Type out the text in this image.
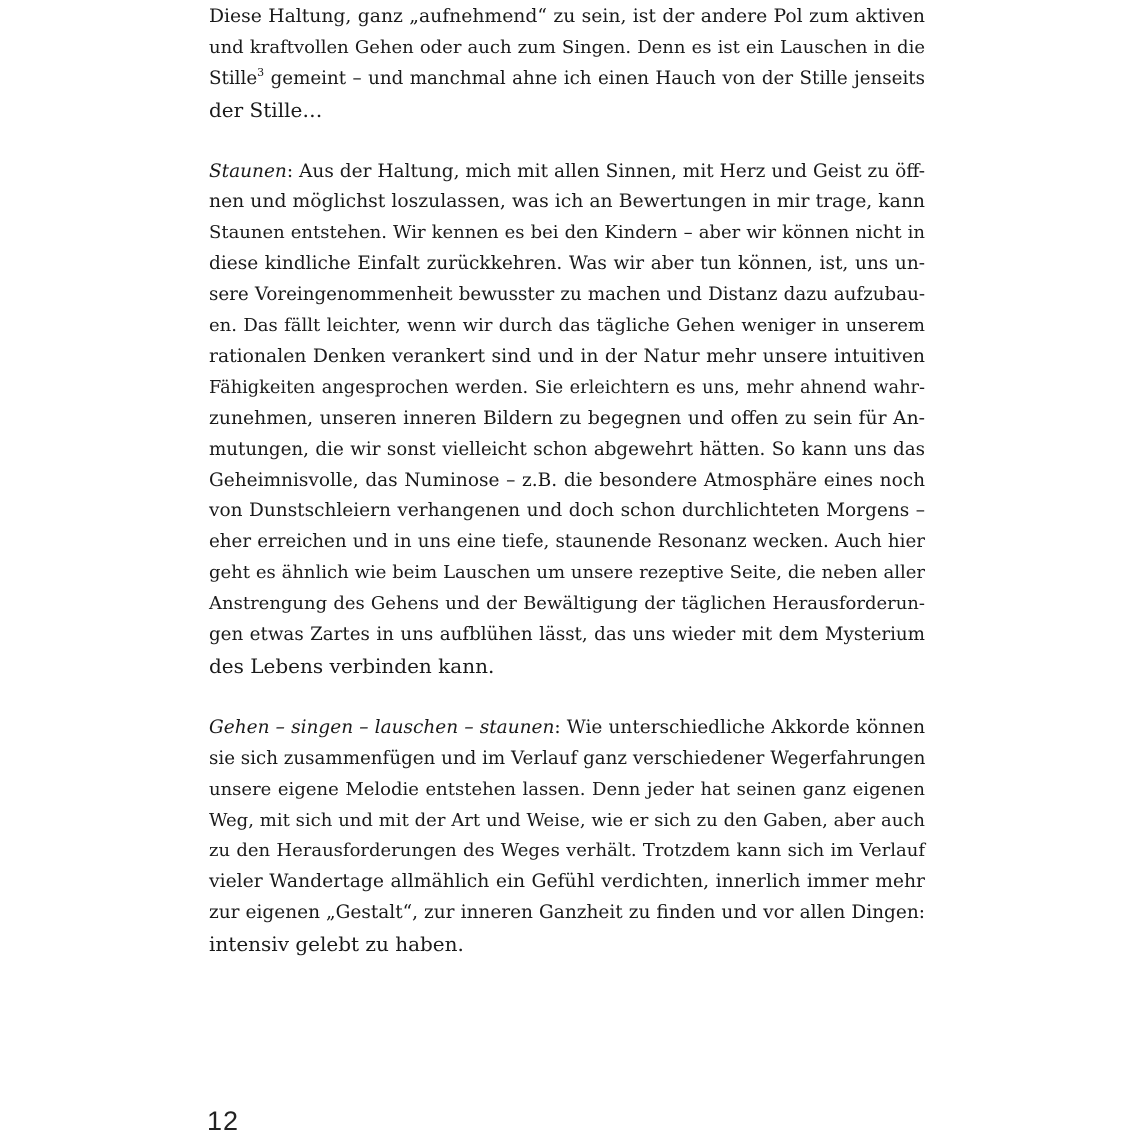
Diese Haltung, ganz „aufnehmend“ zu sein, ist der andere Pol zum aktiven
und kraftvollen Gehen oder auch zum Singen. Denn es ist ein Lauschen in die
Stille$^3$ gemeint – und manchmal ahne ich einen Hauch von der Stille jenseits
der Stille…

Staunen: Aus der Haltung, mich mit allen Sinnen, mit Herz und Geist zu öff-
nen und möglichst loszulassen, was ich an Bewertungen in mir trage, kann
Staunen entstehen. Wir kennen es bei den Kindern – aber wir können nicht in
diese kindliche Einfalt zurückkehren. Was wir aber tun können, ist, uns un-
sere Voreingenommenheit bewusster zu machen und Distanz dazu aufzubau-
en. Das fällt leichter, wenn wir durch das tägliche Gehen weniger in unserem
rationalen Denken verankert sind und in der Natur mehr unsere intuitiven
Fähigkeiten angesprochen werden. Sie erleichtern es uns, mehr ahnend wahr-
zunehmen, unseren inneren Bildern zu begegnen und offen zu sein für An-
mutungen, die wir sonst vielleicht schon abgewehrt hätten. So kann uns das
Geheimnisvolle, das Numinose – z.B. die besondere Atmosphäre eines noch
von Dunstschleiern verhangenen und doch schon durchlichteten Morgens –
eher erreichen und in uns eine tiefe, staunende Resonanz wecken. Auch hier
geht es ähnlich wie beim Lauschen um unsere rezeptive Seite, die neben aller
Anstrengung des Gehens und der Bewältigung der täglichen Herausforderun-
gen etwas Zartes in uns aufblühen lässt, das uns wieder mit dem Mysterium
des Lebens verbinden kann.

Gehen – singen – lauschen – staunen: Wie unterschiedliche Akkorde können
sie sich zusammenfügen und im Verlauf ganz verschiedener Wegerfahrungen
unsere eigene Melodie entstehen lassen. Denn jeder hat seinen ganz eigenen
Weg, mit sich und mit der Art und Weise, wie er sich zu den Gaben, aber auch
zu den Herausforderungen des Weges verhält. Trotzdem kann sich im Verlauf
vieler Wandertage allmählich ein Gefühl verdichten, innerlich immer mehr
zur eigenen „Gestalt“, zur inneren Ganzheit zu finden und vor allen Dingen:
intensiv gelebt zu haben.

12
